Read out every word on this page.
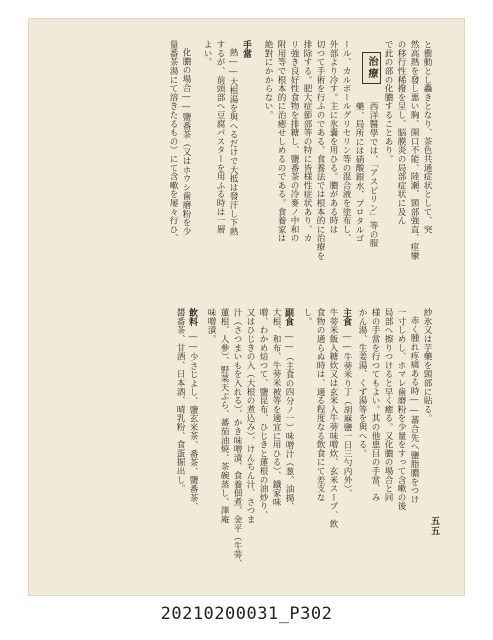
と衝動とし轟きとなり、茶色共通症状として、突
然高熱を發し悪い胸、開口不能、陸瀬、頸部強直、痙攣
の移行性稀撥を呈し、脳膜炎の局部症状に及ん
で此の部の化膿することあり。
治療
西洋醫學では、「アスピリン」等の服
藥、局所には硝酸銀水、プロタルゴ
ール、カルボールグリセリン等の混合液を塗布し、
外部より冷す。主に氷嚢を用ひる。膿がある時は
切つて手術を行ふのである。食養法では根本的に治療を
排除する。肥大症節部等の特に皆様性症状あり、カ
リ強き良好性食物を排糖し、鹽番茶の冷麥ノ中和の
附用等で根本的に治癒せしめるのである。食養家は
絶對にかからない。
手當
熱――大根湯を與へるだけで大抵は發汗し下熱
するが、前頭部へ豆腐パスターを用ふる時は一層
よい。
化膿の場合――鹽番茶（又はホウシ歯磨粉を少
量番茶湯にて溶きたるもの）にて含嗽を屡々行ひ、
紗氷又は芋藥を頸部に貼る。
赤く腫れ疼痛ある時――蕃合先へ鹽脂膿をつけ
一寸しめし、ホマレ歯磨粉を少量をすって含嗽の後
局部へ擦りつけると早く癒る。又化膿の場合と同
様の手當を行つてもよい。其の他患目の手當、み
かん湯、生姜湯、くず湯等を與へる。
主食
――牛蒡米り丁（胡麻鹽一日三勺内外）、
牛蒡米飯入糖炊又は玄米入牛蒡味噌炊、玄米スープ、飲
食物の通らぬ時は、適る程度なる飲食にて差支な
し。
副食
――（主食の四分ノ一）味噌汁（葱、油揚、
大根、和布、牛蒡米被等を適宜に用ひる）、鐵家味
噌、わかめ焙つて、鹽昆布、ひじきと蓮根の油炒り、
又はひじきの入（大根の煮込み）、けんちん汁、さつま
汁（さつまいもを入れる）、かき味噌漬、食養佃煮、金平（牛蒡、
蓮根、人參）、野菜天ぷら、蕃茄油焼、茶碗蒸し、澤庵
味噌漬。
飲料
――少さじよし、鹽玄米茶、番茶、鹽番茶、
醬番茶、甘酒、日本酒、晴乳粉、食蛋掘出し。
五五
20210200031_P302
